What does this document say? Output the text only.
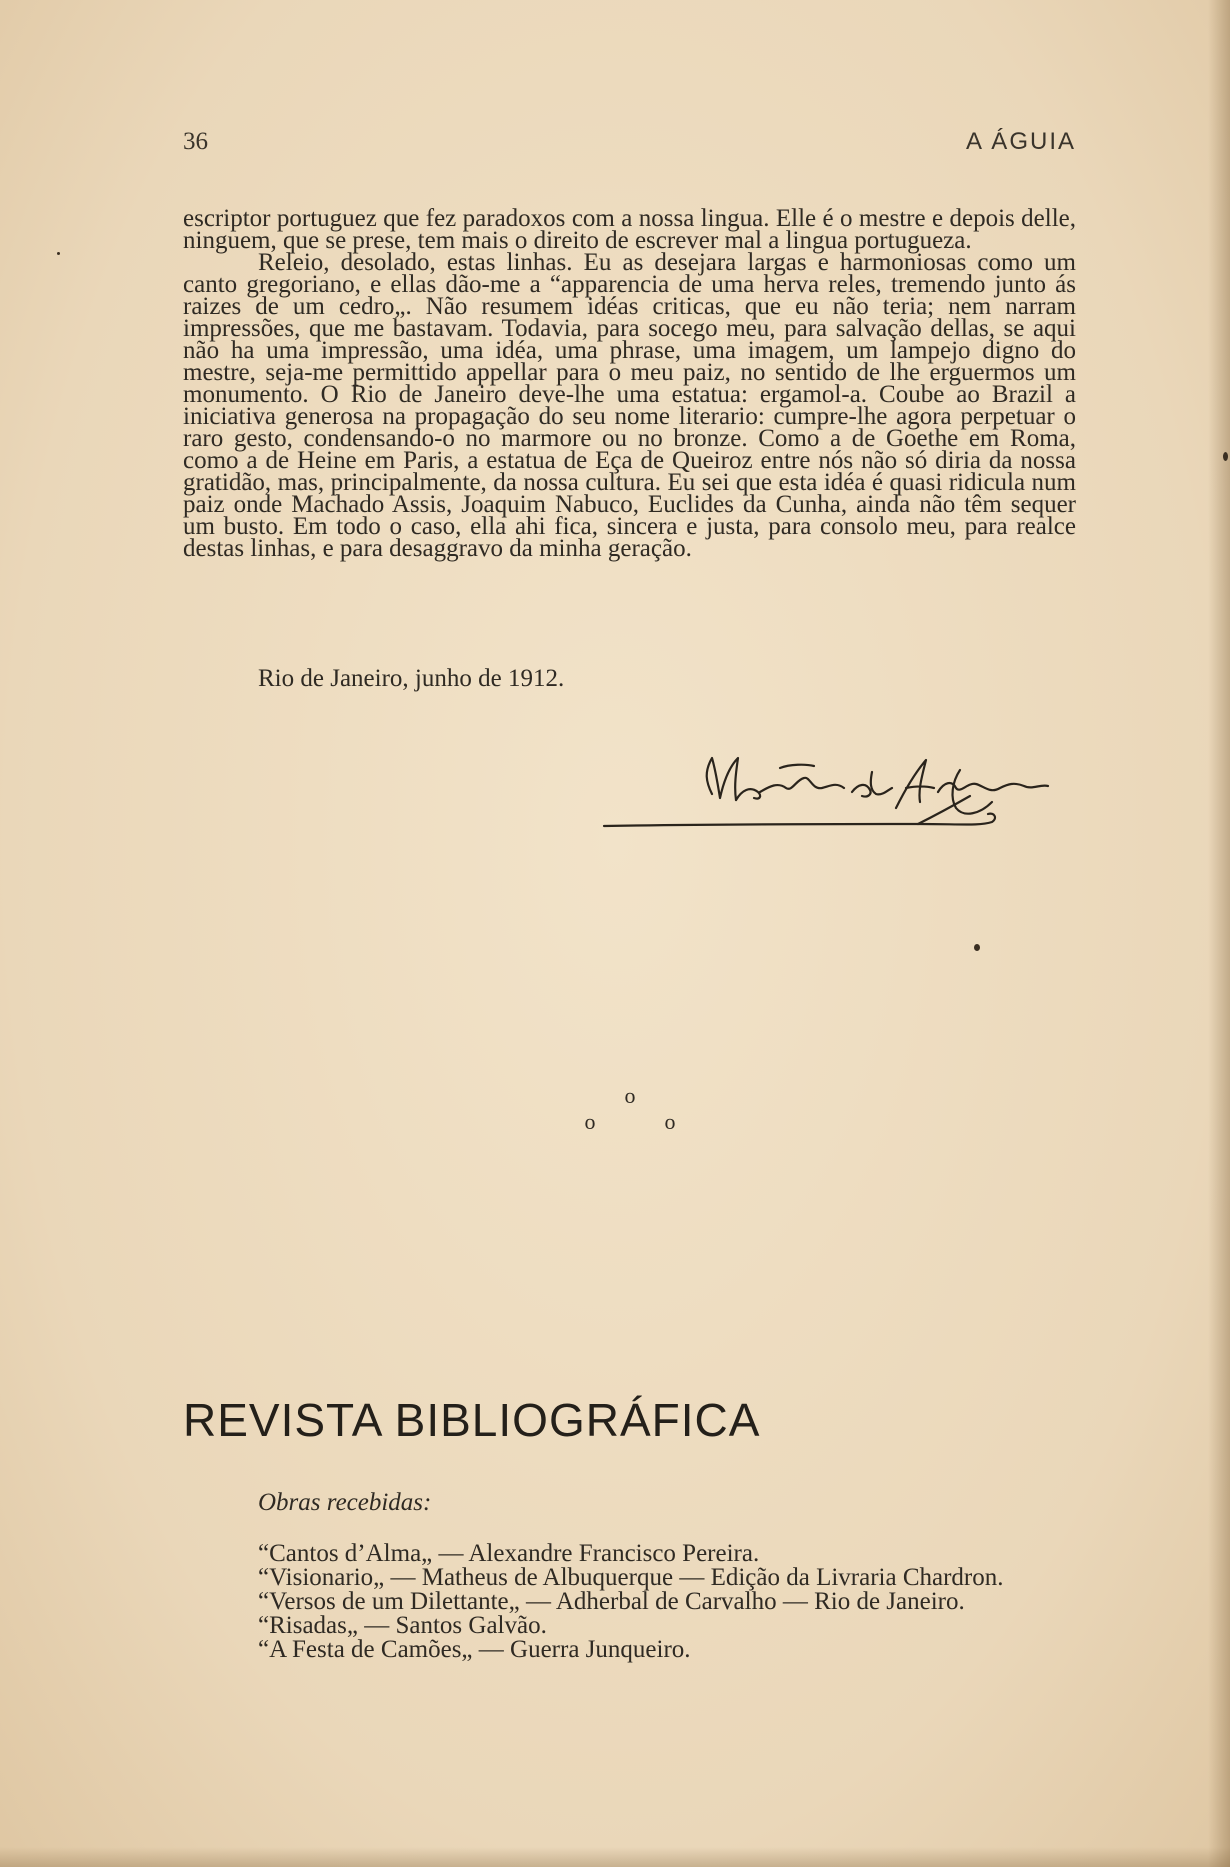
36	A ÁGUIA

escriptor portuguez que fez paradoxos com a nossa lingua. Elle é o mestre e depois delle, ninguem, que se prese, tem mais o direito de escrever mal a lingua portugueza.

Releio, desolado, estas linhas. Eu as desejara largas e harmoniosas como um canto gregoriano, e ellas dão-me a “apparencia de uma herva reles, tremendo junto ás raizes de um cedro„. Não resumem idéas criticas, que eu não teria; nem narram impressões, que me bastavam. Todavia, para socego meu, para salvação dellas, se aqui não ha uma impressão, uma idéa, uma phrase, uma imagem, um lampejo digno do mestre, seja-me permittido appellar para o meu paiz, no sentido de lhe erguermos um monumento. O Rio de Janeiro deve-lhe uma estatua: ergamol-a. Coube ao Brazil a iniciativa generosa na propagação do seu nome literario: cumpre-lhe agora perpetuar o raro gesto, condensando-o no marmore ou no bronze. Como a de Goethe em Roma, como a de Heine em Paris, a estatua de Eça de Queiroz entre nós não só diria da nossa gratidão, mas, principalmente, da nossa cultura. Eu sei que esta idéa é quasi ridicula num paiz onde Machado Assis, Joaquim Nabuco, Euclides da Cunha, ainda não têm sequer um busto. Em todo o caso, ella ahi fica, sincera e justa, para consolo meu, para realce destas linhas, e para desaggravo da minha geração.

Rio de Janeiro, junho de 1912.
o
o	o
REVISTA BIBLIOGRÁFICA
Obras recebidas:
“Cantos d’Alma„ — Alexandre Francisco Pereira.
“Visionario„ — Matheus de Albuquerque — Edição da Livraria Chardron.
“Versos de um Dilettante„ — Adherbal de Carvalho — Rio de Janeiro.
“Risadas„ — Santos Galvão.
“A Festa de Camões„ — Guerra Junqueiro.
